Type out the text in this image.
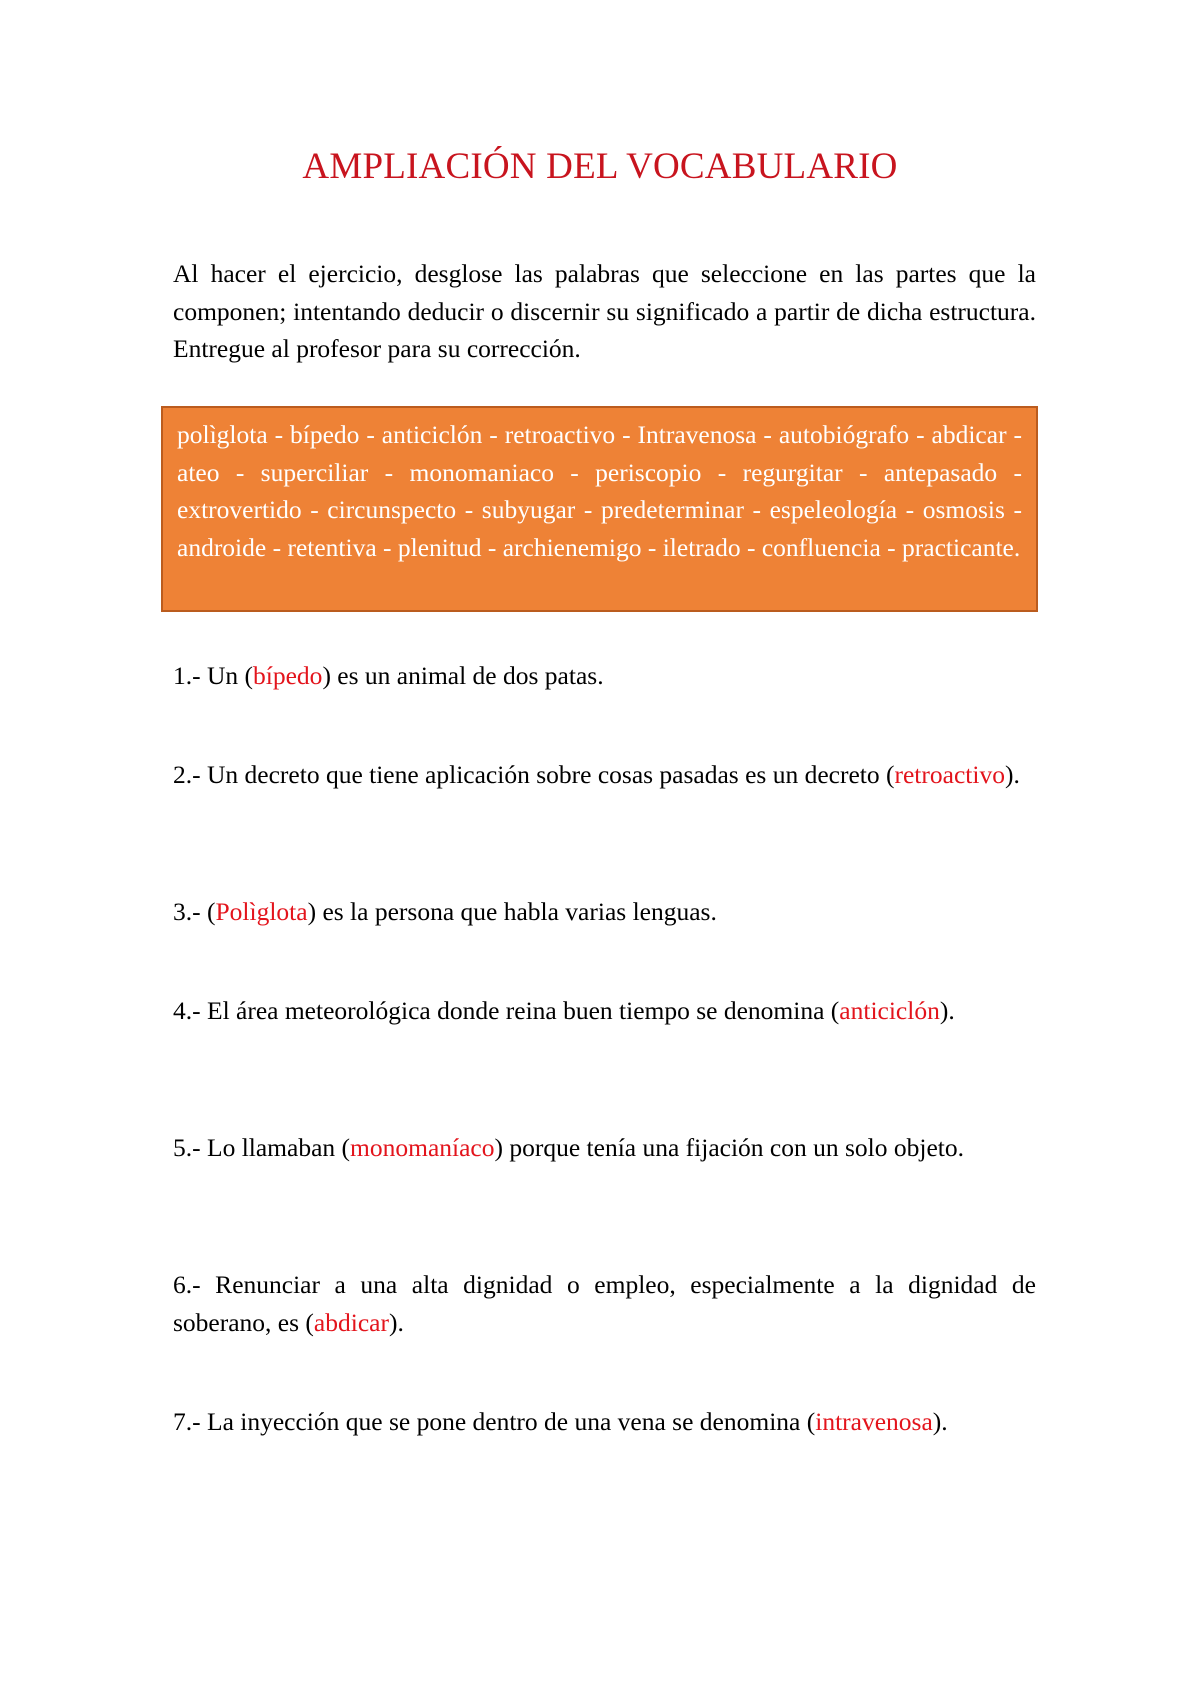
AMPLIACIÓN DEL VOCABULARIO
Al hacer el ejercicio, desglose las palabras que seleccione en las partes que la componen; intentando deducir o discernir su significado a partir de dicha estructura. Entregue al profesor para su corrección.
polìglota - bípedo - anticiclón - retroactivo - Intravenosa - autobiógrafo - abdicar - ateo - superciliar - monomaniaco - periscopio - regurgitar - antepasado - extrovertido - circunspecto - subyugar - predeterminar - espeleología - osmosis - androide - retentiva - plenitud - archienemigo - iletrado - confluencia - practicante.
1.- Un (bípedo) es un animal de dos patas.
2.- Un decreto que tiene aplicación sobre cosas pasadas es un decreto (retroactivo).
3.- (Polìglota) es la persona que habla varias lenguas.
4.- El área meteorológica donde reina buen tiempo se denomina (anticiclón).
5.- Lo llamaban (monomaníaco) porque tenía una fijación con un solo objeto.
6.- Renunciar a una alta dignidad o empleo, especialmente a la dignidad de soberano, es (abdicar).
7.- La inyección que se pone dentro de una vena se denomina (intravenosa).
